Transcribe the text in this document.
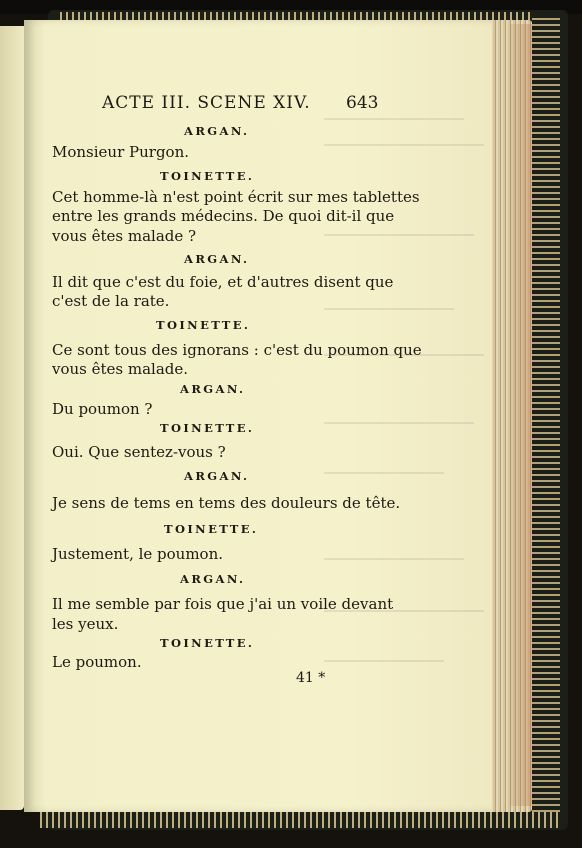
ACTE III. SCENE XIV. 643
ARGAN.
Monsieur Purgon.
TOINETTE.
Cet homme-là n'est point écrit sur mes tablettes
entre les grands médecins. De quoi dit-il que
vous êtes malade ?
ARGAN.
Il dit que c'est du foie, et d'autres disent que
c'est de la rate.
TOINETTE.
Ce sont tous des ignorans : c'est du poumon que
vous êtes malade.
ARGAN.
Du poumon ?
TOINETTE.
Oui. Que sentez-vous ?
ARGAN.
Je sens de tems en tems des douleurs de tête.
TOINETTE.
Justement, le poumon.
ARGAN.
Il me semble par fois que j'ai un voile devant
les yeux.
TOINETTE.
Le poumon.
41 *
